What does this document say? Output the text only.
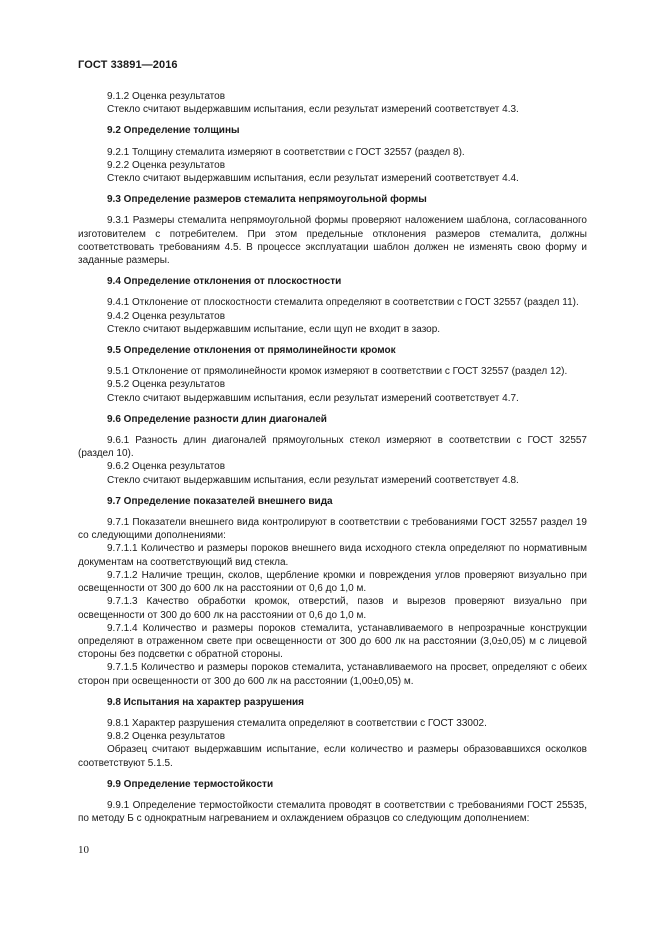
ГОСТ 33891—2016

9.1.2 Оценка результатов

Стекло считают выдержавшим испытания, если результат измерений соответствует 4.3.

9.2 Определение толщины

9.2.1 Толщину стемалита измеряют в соответствии с ГОСТ 32557 (раздел 8).

9.2.2 Оценка результатов

Стекло считают выдержавшим испытания, если результат измерений соответствует 4.4.

9.3 Определение размеров стемалита непрямоугольной формы

9.3.1 Размеры стемалита непрямоугольной формы проверяют наложением шаблона, согласованного изготовителем с потребителем. При этом предельные отклонения размеров стемалита, должны соответствовать требованиям 4.5. В процессе эксплуатации шаблон должен не изменять свою форму и заданные размеры.

9.4 Определение отклонения от плоскостности

9.4.1 Отклонение от плоскостности стемалита определяют в соответствии с ГОСТ 32557 (раздел 11).

9.4.2 Оценка результатов

Стекло считают выдержавшим испытание, если щуп не входит в зазор.

9.5 Определение отклонения от прямолинейности кромок

9.5.1 Отклонение от прямолинейности кромок измеряют в соответствии с ГОСТ 32557 (раздел 12).

9.5.2 Оценка результатов

Стекло считают выдержавшим испытания, если результат измерений соответствует 4.7.

9.6 Определение разности длин диагоналей

9.6.1 Разность длин диагоналей прямоугольных стекол измеряют в соответствии с ГОСТ 32557 (раздел 10).

9.6.2 Оценка результатов

Стекло считают выдержавшим испытания, если результат измерений соответствует 4.8.

9.7 Определение показателей внешнего вида

9.7.1 Показатели внешнего вида контролируют в соответствии с требованиями ГОСТ 32557 раздел 19 со следующими дополнениями:

9.7.1.1 Количество и размеры пороков внешнего вида исходного стекла определяют по нормативным документам на соответствующий вид стекла.

9.7.1.2 Наличие трещин, сколов, щербление кромки и повреждения углов проверяют визуально при освещенности от 300 до 600 лк на расстоянии от 0,6 до 1,0 м.

9.7.1.3 Качество обработки кромок, отверстий, пазов и вырезов проверяют визуально при освещенности от 300 до 600 лк на расстоянии от 0,6 до 1,0 м.

9.7.1.4 Количество и размеры пороков стемалита, устанавливаемого в непрозрачные конструкции определяют в отраженном свете при освещенности от 300 до 600 лк на расстоянии (3,0±0,05) м с лицевой стороны без подсветки с обратной стороны.

9.7.1.5 Количество и размеры пороков стемалита, устанавливаемого на просвет, определяют с обеих сторон при освещенности от 300 до 600 лк на расстоянии (1,00±0,05) м.

9.8 Испытания на характер разрушения

9.8.1 Характер разрушения стемалита определяют в соответствии с ГОСТ 33002.

9.8.2 Оценка результатов

Образец считают выдержавшим испытание, если количество и размеры образовавшихся осколков соответствуют 5.1.5.

9.9 Определение термостойкости

9.9.1 Определение термостойкости стемалита проводят в соответствии с требованиями ГОСТ 25535, по методу Б с однократным нагреванием и охлаждением образцов со следующим дополнением:

10
